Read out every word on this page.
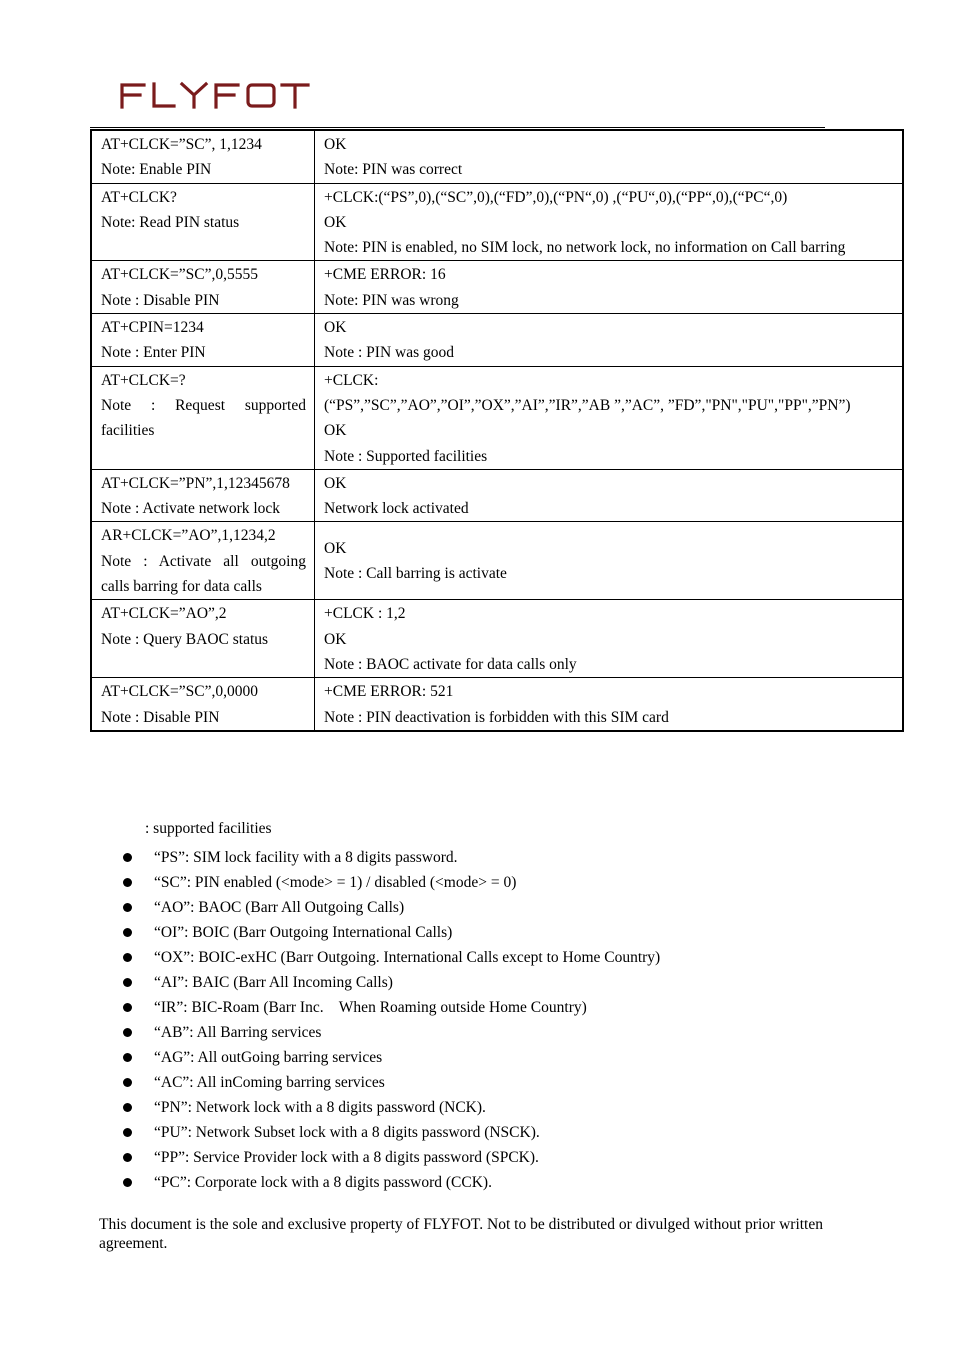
AT+CLCK=”SC”, 1,1234
Note: Enable PIN	OK
Note: PIN was correct

AT+CLCK?
Note: Read PIN status	+CLCK:(“PS”,0),(“SC”,0),(“FD”,0),(“PN“,0) ,(“PU“,0),(“PP“,0),(“PC“,0)
OK
Note: PIN is enabled, no SIM lock, no network lock, no information on Call barring

AT+CLCK=”SC”,0,5555
Note : Disable PIN	+CME ERROR: 16
Note: PIN was wrong

AT+CPIN=1234
Note : Enter PIN	OK
Note : PIN was good

AT+CLCK=?
Note : Request supported
facilities	+CLCK:
(“PS”,”SC”,”AO”,”OI”,”OX”,”AI”,”IR”,”AB ”,”AC”, ”FD”,"PN","PU","PP",”PN”)
OK
Note : Supported facilities

AT+CLCK=”PN”,1,12345678
Note : Activate network lock	OK
Network lock activated

AR+CLCK=”AO”,1,1234,2
Note : Activate all outgoing
calls barring for data calls	OK
Note : Call barring is activate

AT+CLCK=”AO”,2
Note : Query BAOC status	+CLCK : 1,2
OK
Note : BAOC activate for data calls only

AT+CLCK=”SC”,0,0000
Note : Disable PIN	+CME ERROR: 521
Note : PIN deactivation is forbidden with this SIM card
: supported facilities
“PS”: SIM lock facility with a 8 digits password.
“SC”: PIN enabled (<mode> = 1) / disabled (<mode> = 0)
“AO”: BAOC (Barr All Outgoing Calls)
“OI”: BOIC (Barr Outgoing International Calls)
“OX”: BOIC-exHC (Barr Outgoing. International Calls except to Home Country)
“AI”: BAIC (Barr All Incoming Calls)
“IR”: BIC-Roam (Barr Inc.    When Roaming outside Home Country)
“AB”: All Barring services
“AG”: All outGoing barring services
“AC”: All inComing barring services
“PN”: Network lock with a 8 digits password (NCK).
“PU”: Network Subset lock with a 8 digits password (NSCK).
“PP”: Service Provider lock with a 8 digits password (SPCK).
“PC”: Corporate lock with a 8 digits password (CCK).
This document is the sole and exclusive property of FLYFOT. Not to be distributed or divulged without prior written agreement.
